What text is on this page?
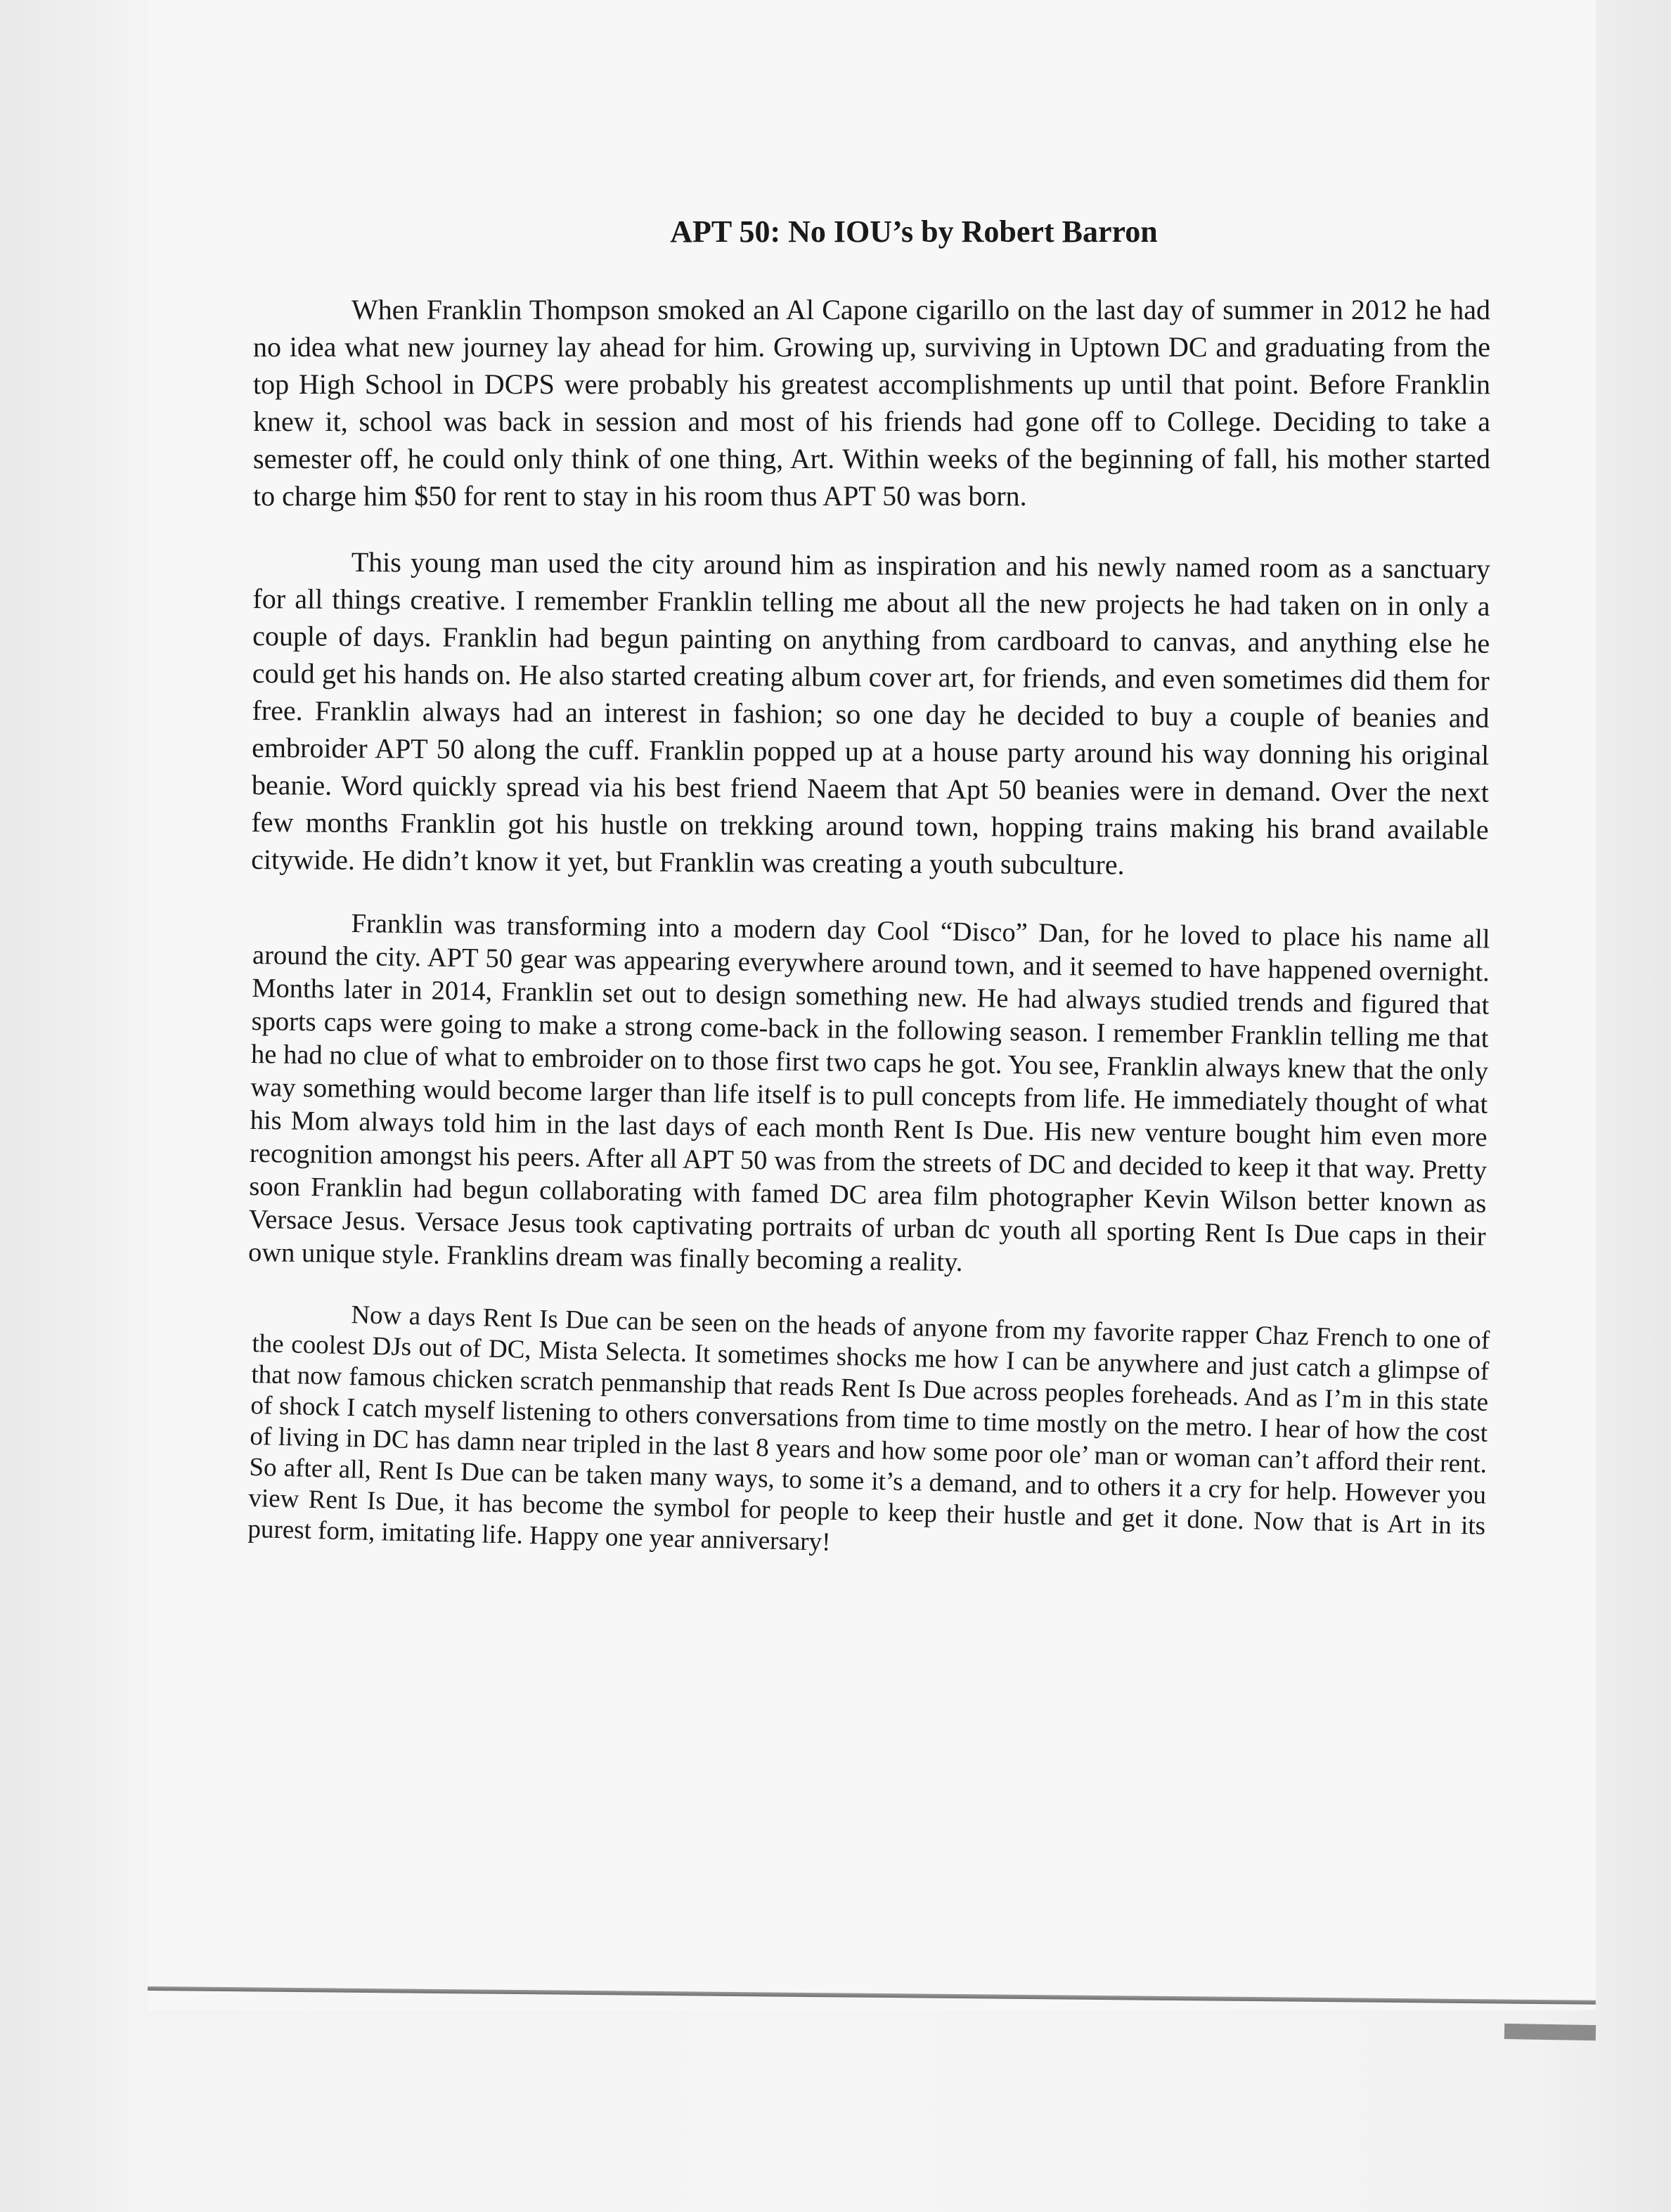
APT 50: No IOU’s by Robert Barron

When Franklin Thompson smoked an Al Capone cigarillo on the last day of summer in 2012 he had no idea what new journey lay ahead for him. Growing up, surviving in Uptown DC and graduating from the top High School in DCPS were probably his greatest accomplishments up until that point. Before Franklin knew it, school was back in session and most of his friends had gone off to College. Deciding to take a semester off, he could only think of one thing, Art. Within weeks of the beginning of fall, his mother started to charge him $50 for rent to stay in his room thus APT 50 was born.

This young man used the city around him as inspiration and his newly named room as a sanctuary for all things creative. I remember Franklin telling me about all the new projects he had taken on in only a couple of days. Franklin had begun painting on anything from cardboard to canvas, and anything else he could get his hands on. He also started creating album cover art, for friends, and even sometimes did them for free. Franklin always had an interest in fashion; so one day he decided to buy a couple of beanies and embroider APT 50 along the cuff. Franklin popped up at a house party around his way donning his original beanie. Word quickly spread via his best friend Naeem that Apt 50 beanies were in demand. Over the next few months Franklin got his hustle on trekking around town, hopping trains making his brand available citywide. He didn’t know it yet, but Franklin was creating a youth subculture.

Franklin was transforming into a modern day Cool “Disco” Dan, for he loved to place his name all around the city. APT 50 gear was appearing everywhere around town, and it seemed to have happened overnight. Months later in 2014, Franklin set out to design something new. He had always studied trends and figured that sports caps were going to make a strong come-back in the following season. I remember Franklin telling me that he had no clue of what to embroider on to those first two caps he got. You see, Franklin always knew that the only way something would become larger than life itself is to pull concepts from life. He immediately thought of what his Mom always told him in the last days of each month Rent Is Due. His new venture bought him even more recognition amongst his peers. After all APT 50 was from the streets of DC and decided to keep it that way. Pretty soon Franklin had begun collaborating with famed DC area film photographer Kevin Wilson better known as Versace Jesus. Versace Jesus took captivating portraits of urban dc youth all sporting Rent Is Due caps in their own unique style. Franklins dream was finally becoming a reality.

Now a days Rent Is Due can be seen on the heads of anyone from my favorite rapper Chaz French to one of the coolest DJs out of DC, Mista Selecta. It sometimes shocks me how I can be anywhere and just catch a glimpse of that now famous chicken scratch penmanship that reads Rent Is Due across peoples foreheads. And as I’m in this state of shock I catch myself listening to others conversations from time to time mostly on the metro. I hear of how the cost of living in DC has damn near tripled in the last 8 years and how some poor ole’ man or woman can’t afford their rent. So after all, Rent Is Due can be taken many ways, to some it’s a demand, and to others it a cry for help. However you view Rent Is Due, it has become the symbol for people to keep their hustle and get it done. Now that is Art in its purest form, imitating life. Happy one year anniversary!
